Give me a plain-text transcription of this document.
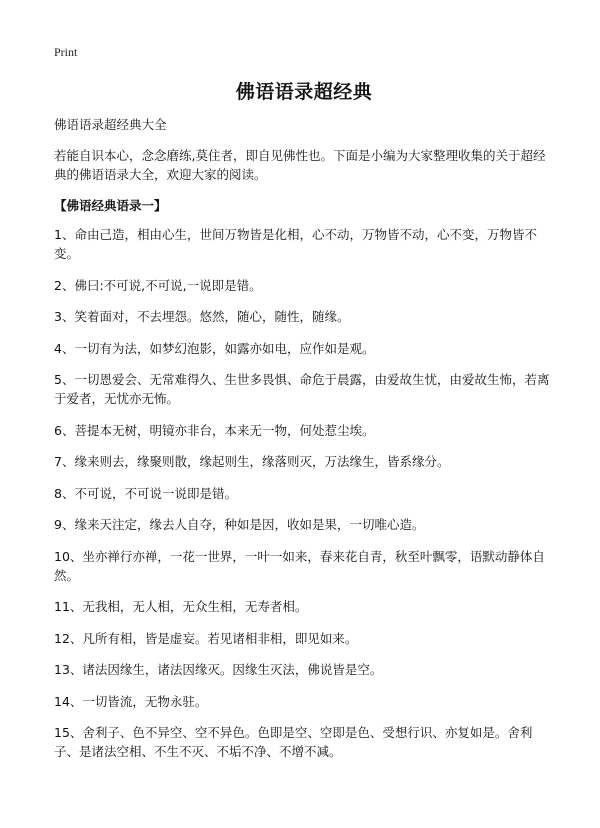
Print
佛语语录超经典
佛语语录超经典大全
若能自识本心，念念磨练,莫住者，即自见佛性也。下面是小编为大家整理收集的关于超经典的佛语语录大全，欢迎大家的阅读。
【佛语经典语录一】
1、命由己造，相由心生，世间万物皆是化相，心不动，万物皆不动，心不变，万物皆不变。
2、佛曰:不可说,不可说,一说即是错。
3、笑着面对，不去埋怨。悠然，随心，随性，随缘。
4、一切有为法，如梦幻泡影，如露亦如电，应作如是观。
5、一切恩爱会、无常难得久、生世多畏惧、命危于晨露，由爱故生忧，由爱故生怖，若离于爱者，无忧亦无怖。
6、菩提本无树，明镜亦非台，本来无一物，何处惹尘埃。
7、缘来则去，缘聚则散，缘起则生，缘落则灭，万法缘生，皆系缘分。
8、不可说，不可说一说即是错。
9、缘来天注定，缘去人自夺，种如是因，收如是果，一切唯心造。
10、坐亦禅行亦禅，一花一世界，一叶一如来，春来花自青，秋至叶飘零，语默动静体自然。
11、无我相，无人相，无众生相，无寿者相。
12、凡所有相，皆是虚妄。若见诸相非相，即见如来。
13、诸法因缘生，诸法因缘灭。因缘生灭法，佛说皆是空。
14、一切皆流，无物永驻。
15、舍利子、色不异空、空不异色。色即是空、空即是色、受想行识、亦复如是。舍利子、是诸法空相、不生不灭、不垢不净、不增不减。
